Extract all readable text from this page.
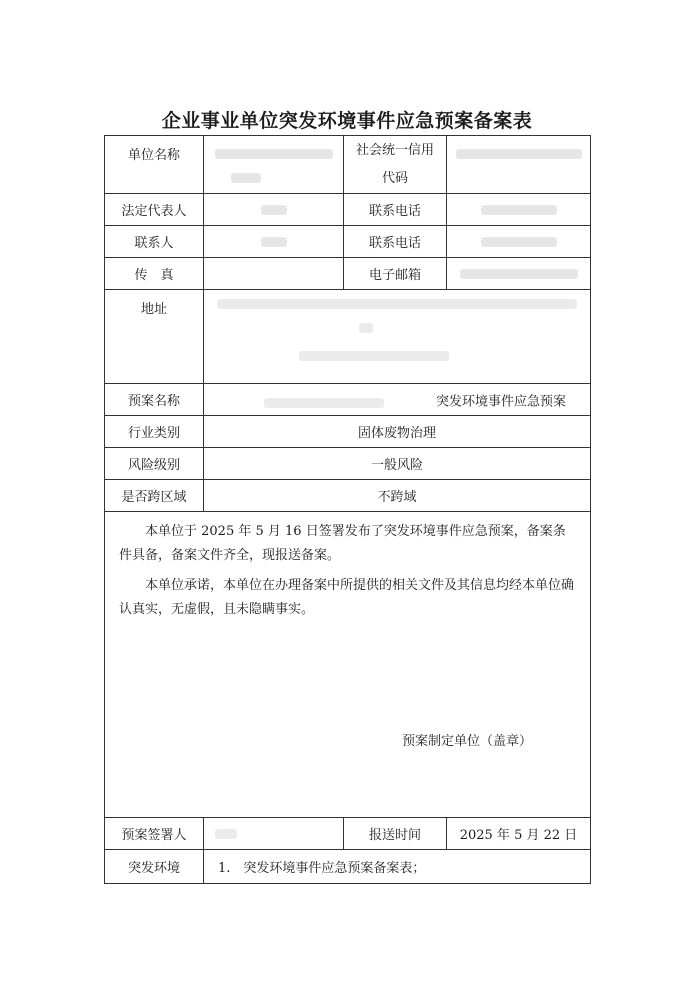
企业事业单位突发环境事件应急预案备案表
单位名称		社会统一信用代码	

法定代表人		联系电话	

联系人		联系电话	

传　真		电子邮箱	

地址			

预案名称	突发环境事件应急预案		

行业类别	固体废物治理		
风险级别	一般风险		
是否跨区域	不跨域		

本单位于 2025 年 5 月 16 日签署发布了突发环境事件应急预案，备案条件具备，备案文件齐全，现报送备案。

本单位承诺，本单位在办理备案中所提供的相关文件及其信息均经本单位确认真实，无虚假，且未隐瞒事实。

预案制定单位（盖章）			

预案签署人		报送时间	2025 年 5 月 22 日
突发环境	1.　突发环境事件应急预案备案表；		
